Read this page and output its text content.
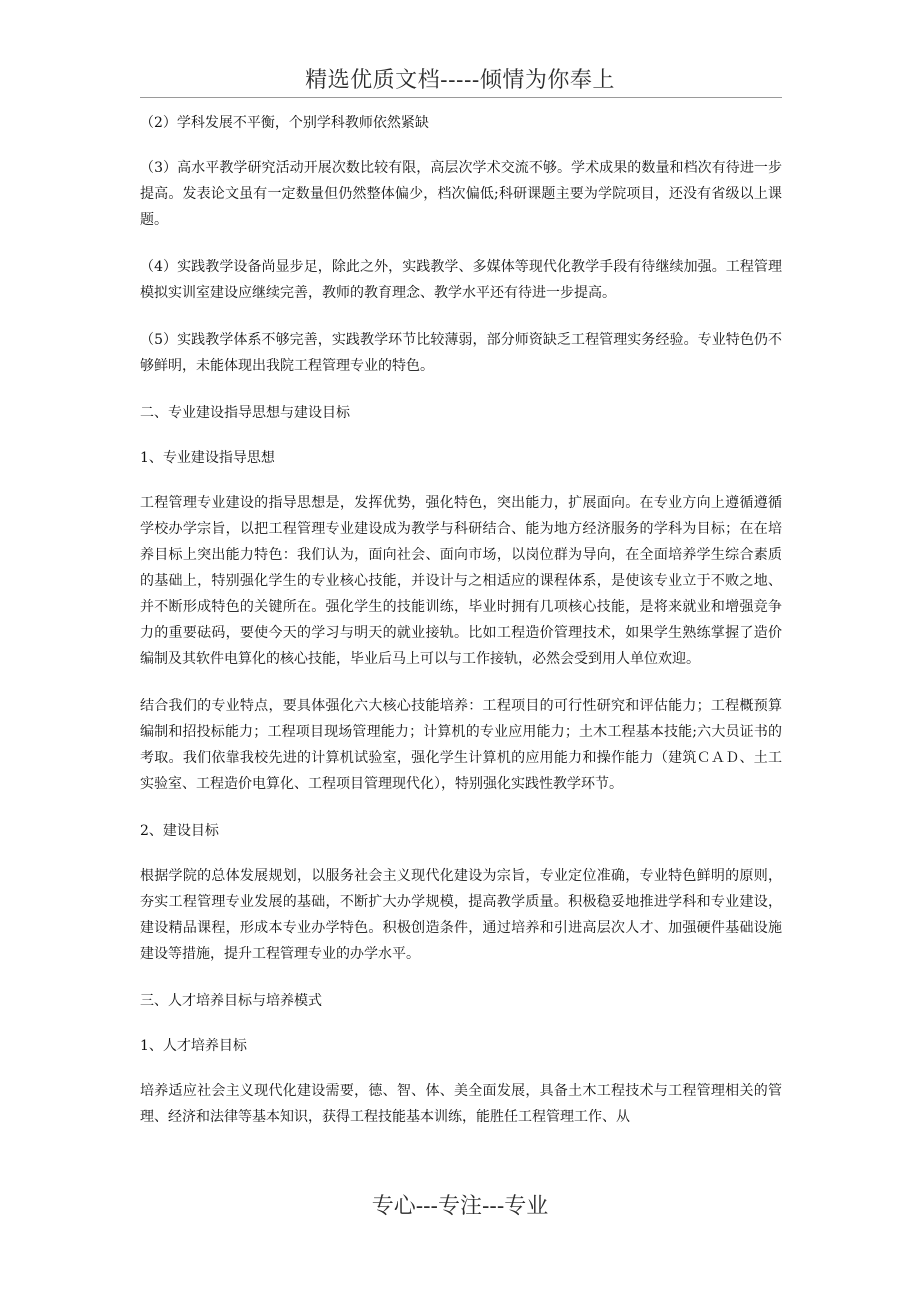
精选优质文档-----倾情为你奉上

（2）学科发展不平衡，个别学科教师依然紧缺

（3）高水平教学研究活动开展次数比较有限，高层次学术交流不够。学术成果的数量和档次有待进一步提高。发表论文虽有一定数量但仍然整体偏少，档次偏低;科研课题主要为学院项目，还没有省级以上课题。

（4）实践教学设备尚显步足，除此之外，实践教学、多媒体等现代化教学手段有待继续加强。工程管理模拟实训室建设应继续完善，教师的教育理念、教学水平还有待进一步提高。

（5）实践教学体系不够完善，实践教学环节比较薄弱，部分师资缺乏工程管理实务经验。专业特色仍不够鲜明，未能体现出我院工程管理专业的特色。

二、专业建设指导思想与建设目标

1、专业建设指导思想

工程管理专业建设的指导思想是，发挥优势，强化特色，突出能力，扩展面向。在专业方向上遵循遵循学校办学宗旨，以把工程管理专业建设成为教学与科研结合、能为地方经济服务的学科为目标；在在培养目标上突出能力特色：我们认为，面向社会、面向市场，以岗位群为导向，在全面培养学生综合素质的基础上，特别强化学生的专业核心技能，并设计与之相适应的课程体系，是使该专业立于不败之地、并不断形成特色的关键所在。强化学生的技能训练，毕业时拥有几项核心技能，是将来就业和增强竞争力的重要砝码，要使今天的学习与明天的就业接轨。比如工程造价管理技术，如果学生熟练掌握了造价编制及其软件电算化的核心技能，毕业后马上可以与工作接轨，必然会受到用人单位欢迎。

结合我们的专业特点，要具体强化六大核心技能培养：工程项目的可行性研究和评估能力；工程概预算编制和招投标能力；工程项目现场管理能力；计算机的专业应用能力；土木工程基本技能;六大员证书的考取。我们依靠我校先进的计算机试验室，强化学生计算机的应用能力和操作能力（建筑ＣＡＤ、土工实验室、工程造价电算化、工程项目管理现代化），特别强化实践性教学环节。

2、建设目标

根据学院的总体发展规划，以服务社会主义现代化建设为宗旨，专业定位准确，专业特色鲜明的原则，夯实工程管理专业发展的基础，不断扩大办学规模，提高教学质量。积极稳妥地推进学科和专业建设，建设精品课程，形成本专业办学特色。积极创造条件，通过培养和引进高层次人才、加强硬件基础设施建设等措施，提升工程管理专业的办学水平。

三、人才培养目标与培养模式

1、人才培养目标

培养适应社会主义现代化建设需要，德、智、体、美全面发展，具备土木工程技术与工程管理相关的管理、经济和法律等基本知识，获得工程技能基本训练，能胜任工程管理工作、从

专心---专注---专业
